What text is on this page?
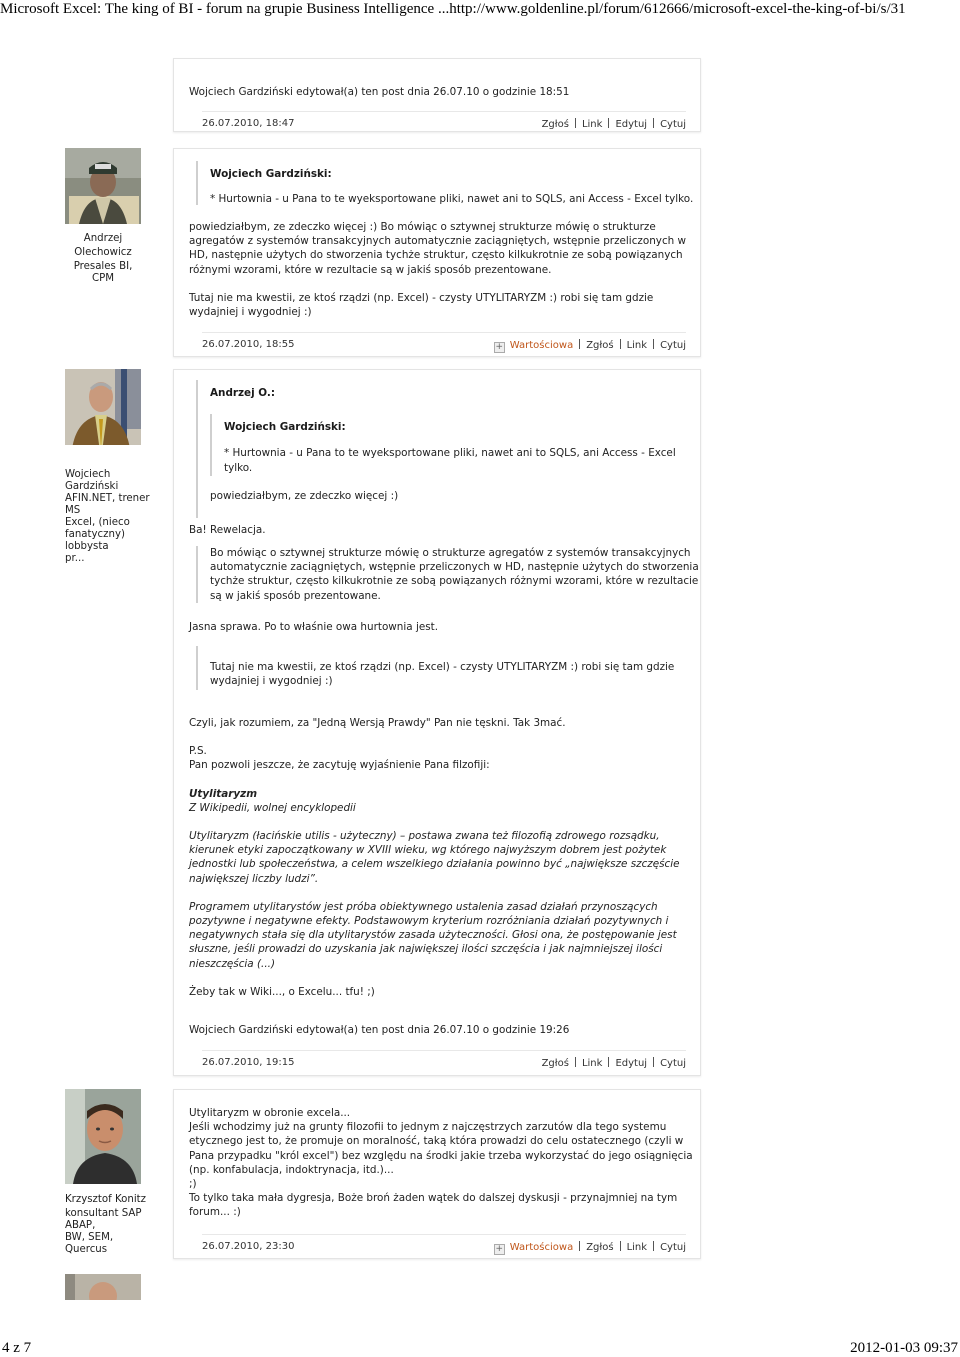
Microsoft Excel: The king of BI - forum na grupie Business Intelligence ...http://www.goldenline.pl/forum/612666/microsoft-excel-the-king-of-bi/s/31
Wojciech Gardziński edytował(a) ten post dnia 26.07.10 o godzinie 18:51
26.07.2010, 18:47	Zgłoś Link Edytuj Cytuj
Andrzej
Olechowicz
Presales BI, CPM
Wojciech Gardziński:
* Hurtownia - u Pana to te wyeksportowane pliki, nawet ani to SQLS, ani Access - Excel tylko.
powiedziałbym, ze zdeczko więcej :) Bo mówiąc o sztywnej strukturze mówię o strukturze
agregatów z systemów transakcyjnych automatycznie zaciągniętych, wstępnie przeliczonych w
HD, następnie użytych do stworzenia tychże struktur, często kilkukrotnie ze sobą powiązanych
różnymi wzorami, które w rezultacie są w jakiś sposób prezentowane.
Tutaj nie ma kwestii, ze ktoś rządzi (np. Excel) - czysty UTYLITARYZM :) robi się tam gdzie
wydajniej i wygodniej :)
26.07.2010, 18:55	+ Wartościowa Zgłoś Link Cytuj
Wojciech
Gardziński
AFIN.NET, trener
MS
Excel, (nieco
fanatyczny)
lobbysta
pr...
Andrzej O.:
Wojciech Gardziński:
* Hurtownia - u Pana to te wyeksportowane pliki, nawet ani to SQLS, ani Access - Excel
tylko.
powiedziałbym, ze zdeczko więcej :)
Ba! Rewelacja.
Bo mówiąc o sztywnej strukturze mówię o strukturze agregatów z systemów transakcyjnych
automatycznie zaciągniętych, wstępnie przeliczonych w HD, następnie użytych do stworzenia
tychże struktur, często kilkukrotnie ze sobą powiązanych różnymi wzorami, które w rezultacie
są w jakiś sposób prezentowane.
Jasna sprawa. Po to właśnie owa hurtownia jest.
Tutaj nie ma kwestii, ze ktoś rządzi (np. Excel) - czysty UTYLITARYZM :) robi się tam gdzie
wydajniej i wygodniej :)
Czyli, jak rozumiem, za "Jedną Wersją Prawdy" Pan nie tęskni. Tak 3mać.
P.S.
Pan pozwoli jeszcze, że zacytuję wyjaśnienie Pana filzofiji:
Utylitaryzm
Z Wikipedii, wolnej encyklopedii
Utylitaryzm (łacińskie utilis - użyteczny) – postawa zwana też filozofią zdrowego rozsądku,
kierunek etyki zapoczątkowany w XVIII wieku, wg którego najwyższym dobrem jest pożytek
jednostki lub społeczeństwa, a celem wszelkiego działania powinno być „największe szczęście
największej liczby ludzi”.
Programem utylitarystów jest próba obiektywnego ustalenia zasad działań przynoszących
pozytywne i negatywne efekty. Podstawowym kryterium rozróżniania działań pozytywnych i
negatywnych stała się dla utylitarystów zasada użyteczności. Głosi ona, że postępowanie jest
słuszne, jeśli prowadzi do uzyskania jak największej ilości szczęścia i jak najmniejszej ilości
nieszczęścia (...)
Żeby tak w Wiki..., o Excelu... tfu! ;)
Wojciech Gardziński edytował(a) ten post dnia 26.07.10 o godzinie 19:26
26.07.2010, 19:15	Zgłoś Link Edytuj Cytuj
Krzysztof Konitz
konsultant SAP
ABAP,
BW, SEM,
Quercus
Utylitaryzm w obronie excela...
Jeśli wchodzimy już na grunty filozofii to jednym z najczęstrzych zarzutów dla tego systemu
etycznego jest to, że promuje on moralność, taką która prowadzi do celu ostatecznego (czyli w
Pana przypadku "król excel") bez względu na środki jakie trzeba wykorzystać do jego osiągnięcia
(np. konfabulacja, indoktrynacja, itd.)...
;)
To tylko taka mała dygresja, Boże broń żaden wątek do dalszej dyskusji - przynajmniej na tym
forum... :)
26.07.2010, 23:30	+ Wartościowa Zgłoś Link Cytuj
4 z 7	2012-01-03 09:37
